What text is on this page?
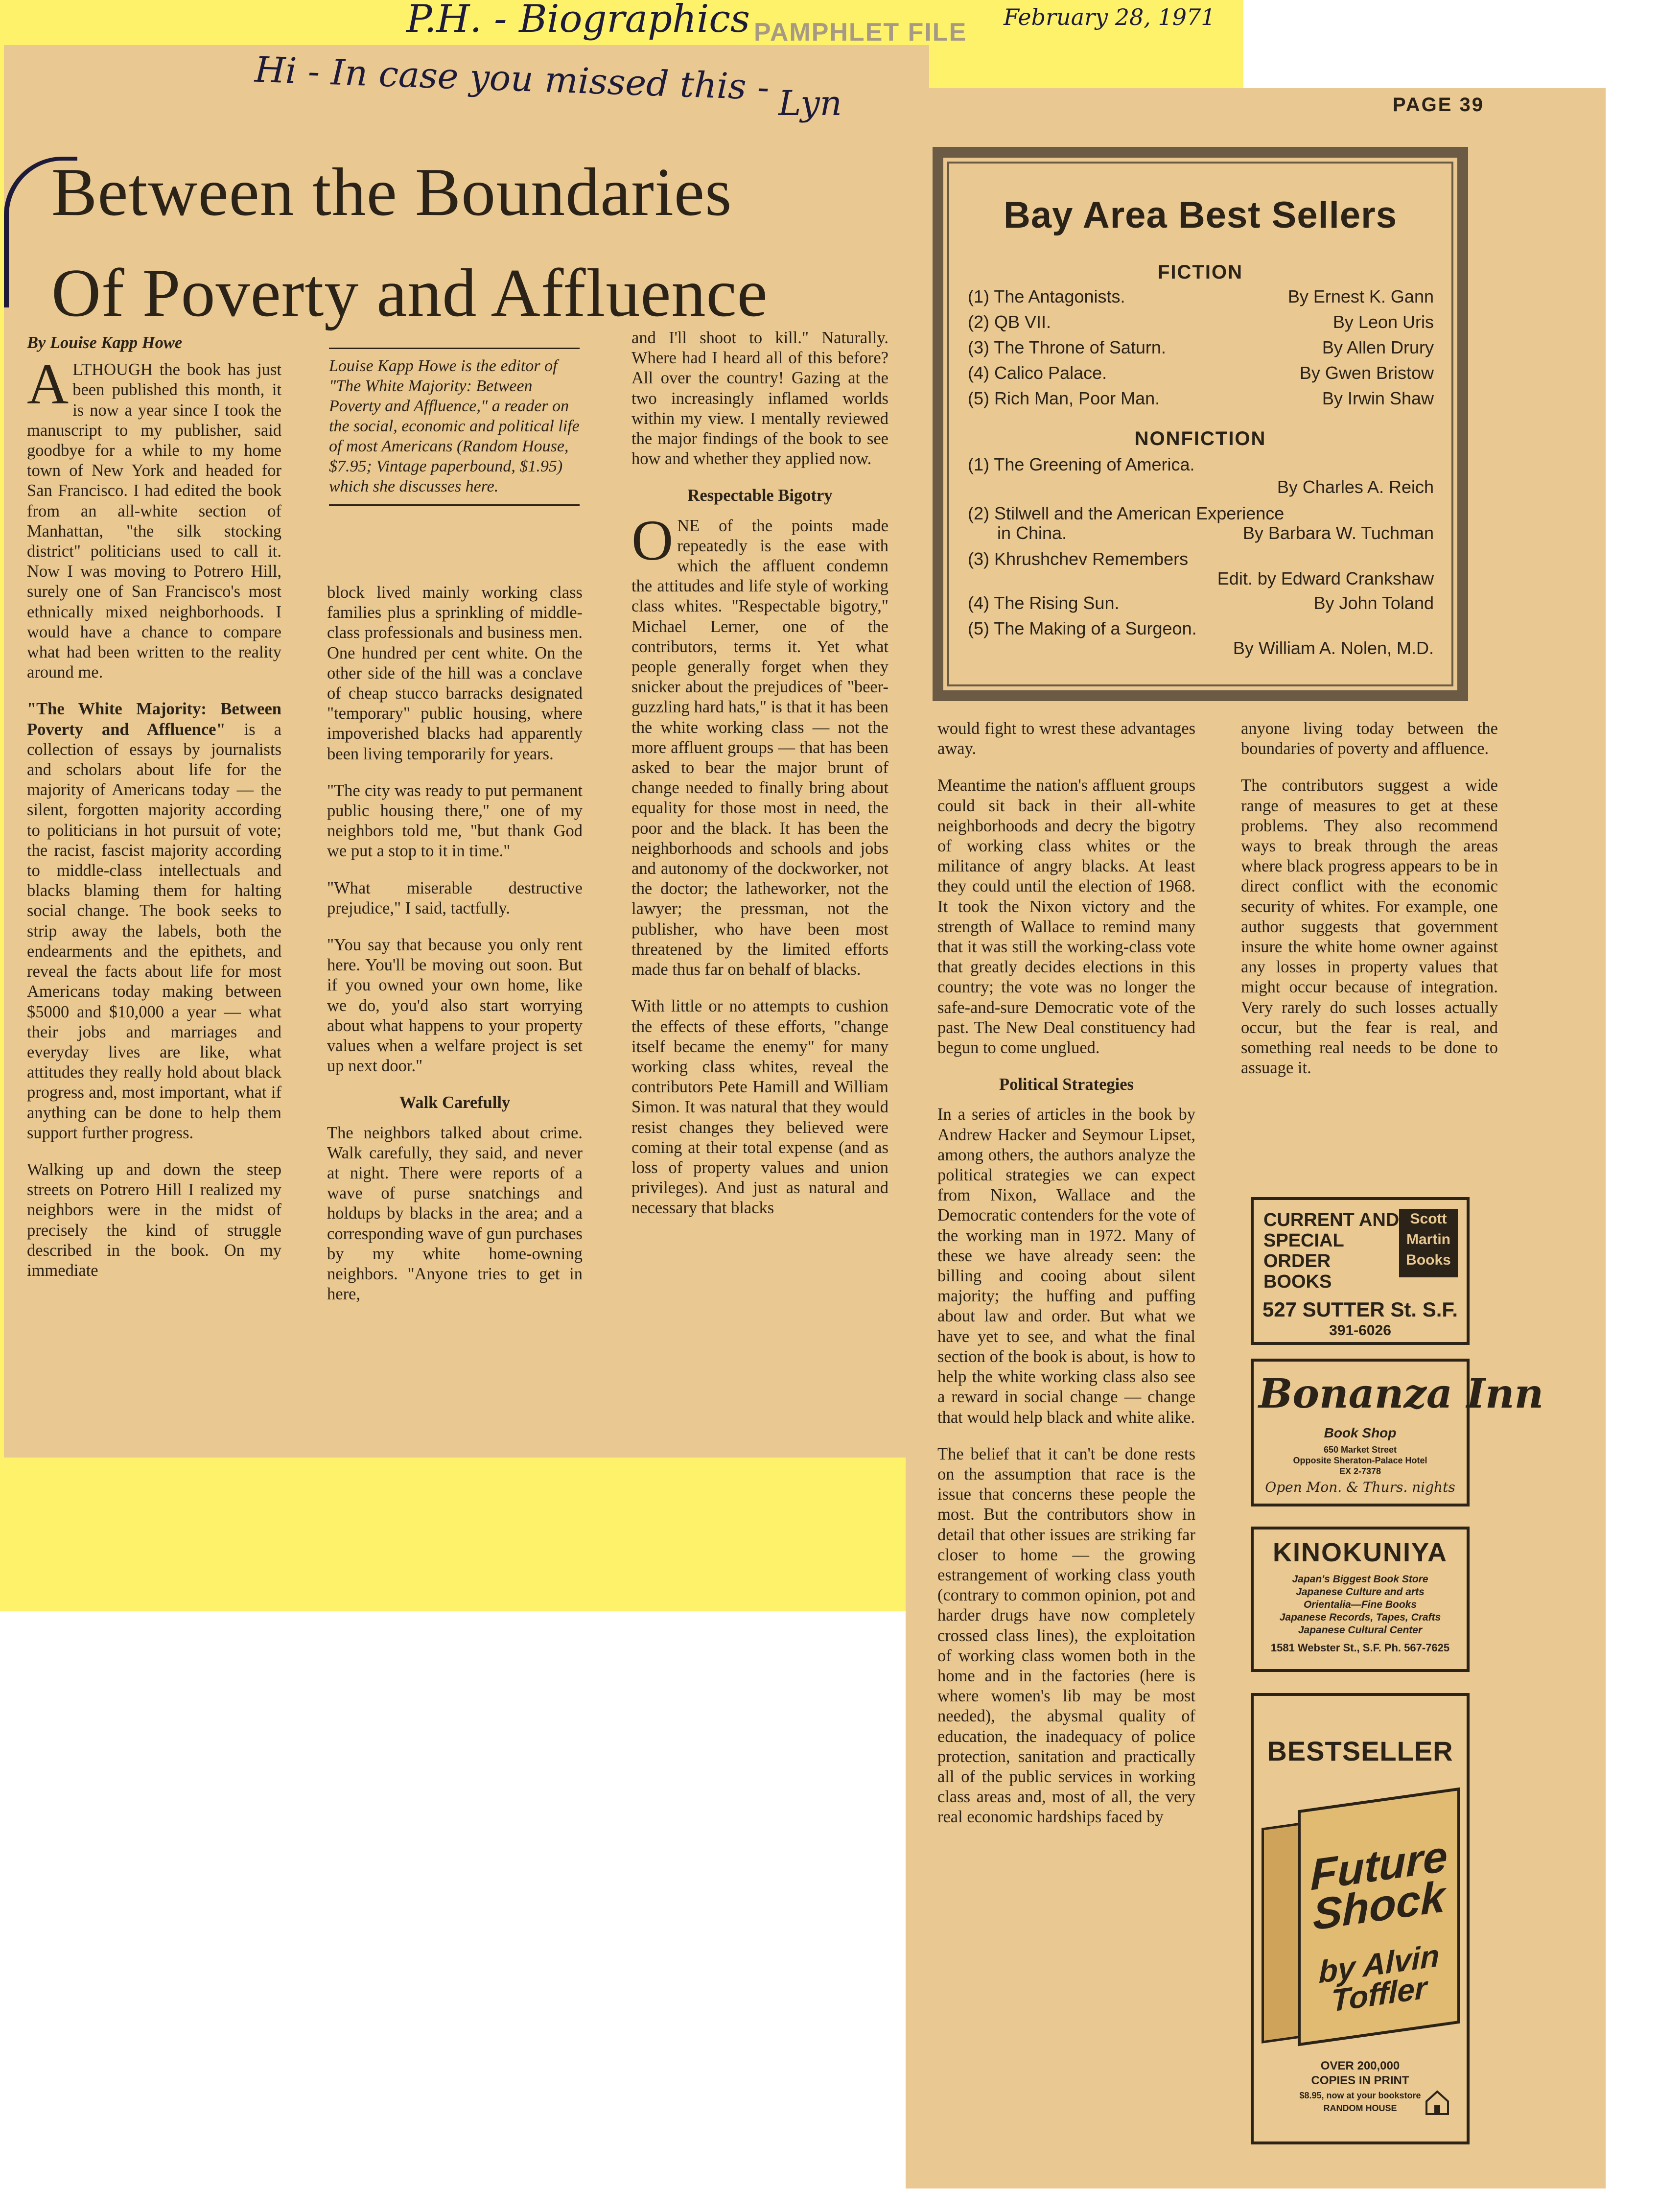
P.H. - Biographics PAMPHLET FILE
February 28, 1971
Hi - In case you missed this - Lyn	PAGE 39
Between the Boundaries
Of Poverty and Affluence
By Louise Kapp Howe

ALTHOUGH the book has just been published this month, it is now a year since I took the manuscript to my publisher, said goodbye for a while to my home town of New York and headed for San Francisco. I had edited the book from an all-white section of Manhattan, "the silk stocking district" politicians used to call it. Now I was moving to Potrero Hill, surely one of San Francisco's most ethnically mixed neighborhoods. I would have a chance to compare what had been written to the reality around me.

"The White Majority: Between Poverty and Affluence" is a collection of essays by journalists and scholars about life for the majority of Americans today — the silent, forgotten majority according to politicians in hot pursuit of vote; the racist, fascist majority according to middle-class intellectuals and blacks blaming them for halting social change. The book seeks to strip away the labels, both the endearments and the epithets, and reveal the facts about life for most Americans today making between $5000 and $10,000 a year — what their jobs and marriages and everyday lives are like, what attitudes they really hold about black progress and, most important, what if anything can be done to help them support further progress.

Walking up and down the steep streets on Potrero Hill I realized my neighbors were in the midst of precisely the kind of struggle described in the book. On my immediate

Louise Kapp Howe is the editor of "The White Majority: Between Poverty and Affluence," a reader on the social, economic and political life of most Americans (Random House, $7.95; Vintage paperbound, $1.95) which she discusses here.

block lived mainly working class families plus a sprinkling of middle-class professionals and business men. One hundred per cent white. On the other side of the hill was a conclave of cheap stucco barracks designated "temporary" public housing, where impoverished blacks had apparently been living temporarily for years.

"The city was ready to put permanent public housing there," one of my neighbors told me, "but thank God we put a stop to it in time."

"What miserable destructive prejudice," I said, tactfully.

"You say that because you only rent here. You'll be moving out soon. But if you owned your own home, like we do, you'd also start worrying about what happens to your property values when a welfare project is set up next door."

Walk Carefully

The neighbors talked about crime. Walk carefully, they said, and never at night. There were reports of a wave of purse snatchings and holdups by blacks in the area; and a corresponding wave of gun purchases by my white home-owning neighbors. "Anyone tries to get in here,

and I'll shoot to kill." Naturally. Where had I heard all of this before? All over the country! Gazing at the two increasingly inflamed worlds within my view. I mentally reviewed the major findings of the book to see how and whether they applied now.

Respectable Bigotry

ONE of the points made repeatedly is the ease with which the affluent condemn the attitudes and life style of working class whites. "Respectable bigotry," Michael Lerner, one of the contributors, terms it. Yet what people generally forget when they snicker about the prejudices of "beer-guzzling hard hats," is that it has been the white working class — not the more affluent groups — that has been asked to bear the major brunt of change needed to finally bring about equality for those most in need, the poor and the black. It has been the neighborhoods and schools and jobs and autonomy of the dockworker, not the doctor; the latheworker, not the lawyer; the pressman, not the publisher, who have been most threatened by the limited efforts made thus far on behalf of blacks.

With little or no attempts to cushion the effects of these efforts, "change itself became the enemy" for many working class whites, reveal the contributors Pete Hamill and William Simon. It was natural that they would resist changes they believed were coming at their total expense (and as loss of property values and union privileges). And just as natural and necessary that blacks

would fight to wrest these advantages away.

Meantime the nation's affluent groups could sit back in their all-white neighborhoods and decry the bigotry of working class whites or the militance of angry blacks. At least they could until the election of 1968. It took the Nixon victory and the strength of Wallace to remind many that it was still the working-class vote that greatly decides elections in this country; the vote was no longer the safe-and-sure Democratic vote of the past. The New Deal constituency had begun to come unglued.

Political Strategies

In a series of articles in the book by Andrew Hacker and Seymour Lipset, among others, the authors analyze the political strategies we can expect from Nixon, Wallace and the Democratic contenders for the vote of the working man in 1972. Many of these we have already seen: the billing and cooing about silent majority; the huffing and puffing about law and order. But what we have yet to see, and what the final section of the book is about, is how to help the white working class also see a reward in social change — change that would help black and white alike.

The belief that it can't be done rests on the assumption that race is the issue that concerns these people the most. But the contributors show in detail that other issues are striking far closer to home — the growing estrangement of working class youth (contrary to common opinion, pot and harder drugs have now completely crossed class lines), the exploitation of working class women both in the home and in the factories (here is where women's lib may be most needed), the abysmal quality of education, the inadequacy of police protection, sanitation and practically all of the public services in working class areas and, most of all, the very real economic hardships faced by

anyone living today between the boundaries of poverty and affluence.

The contributors suggest a wide range of measures to get at these problems. They also recommend ways to break through the areas where black progress appears to be in direct conflict with the economic security of whites. For example, one author suggests that government insure the white home owner against any losses in property values that might occur because of integration. Very rarely do such losses actually occur, but the fear is real, and something real needs to be done to assuage it.

Bay Area Best Sellers
FICTION
(1) The Antagonists.	By Ernest K. Gann
(2) QB VII.	By Leon Uris
(3) The Throne of Saturn.	By Allen Drury
(4) Calico Palace.	By Gwen Bristow
(5) Rich Man, Poor Man.	By Irwin Shaw
NONFICTION
(1) The Greening of America.
By Charles A. Reich
(2) Stilwell and the American Experience
in China.	By Barbara W. Tuchman
(3) Khrushchev Remembers
Edit. by Edward Crankshaw
(4) The Rising Sun.	By John Toland
(5) The Making of a Surgeon.
By William A. Nolen, M.D.
CURRENT AND
SPECIAL
ORDER
BOOKS
Scott
Martin
Books
527 SUTTER St. S.F.
391-6026
Bonanza Inn
Book Shop
650 Market Street
Opposite Sheraton-Palace Hotel
EX 2-7378
Open Mon. & Thurs. nights
KINOKUNIYA
Japan's Biggest Book Store
Japanese Culture and arts
Orientalia—Fine Books
Japanese Records, Tapes, Crafts
Japanese Cultural Center
1581 Webster St., S.F. Ph. 567-7625
BESTSELLER
Future Shock
by Alvin Toffler
OVER 200,000
COPIES IN PRINT
$8.95, now at your bookstore
RANDOM HOUSE
